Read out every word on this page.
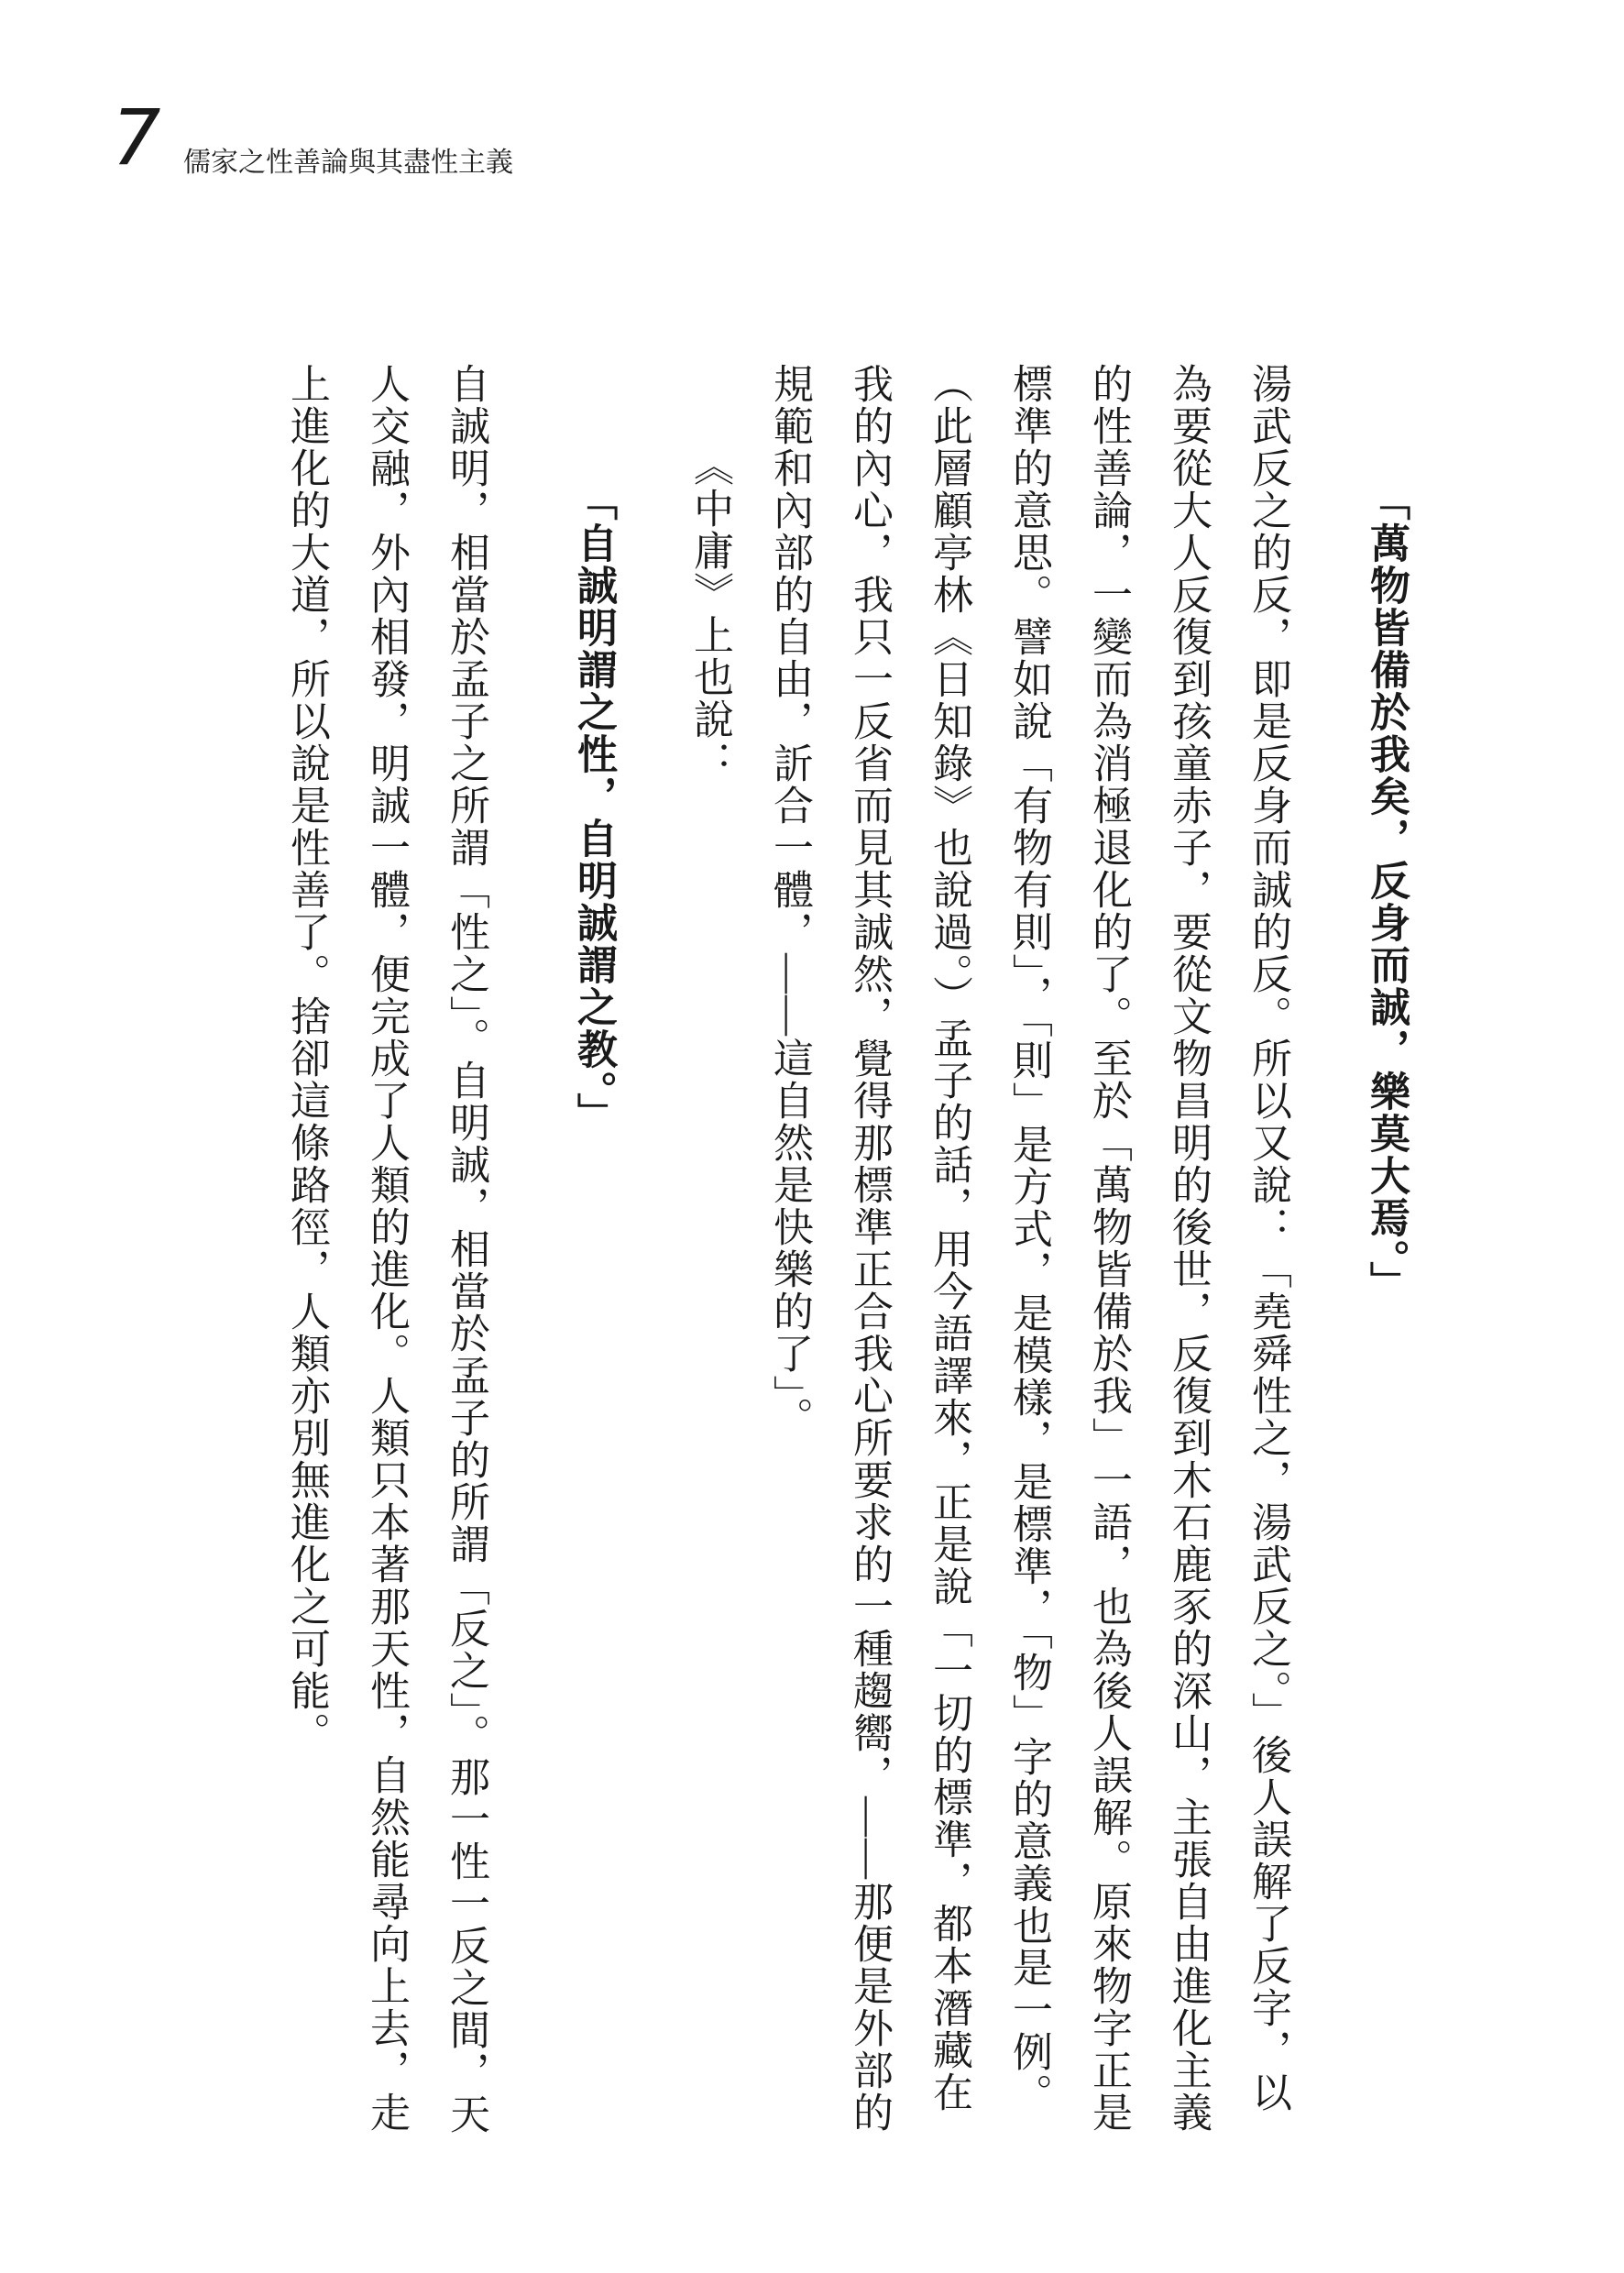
7 儒家之性善論與其盡性主義
「萬物皆備於我矣，反身而誠，樂莫大焉。」
湯武反之的反，即是反身而誠的反。所以又說：「堯舜性之，湯武反之。」後人誤解了反字，以
為要從大人反復到孩童赤子，要從文物昌明的後世，反復到木石鹿豕的深山，主張自由進化主義
的性善論，一變而為消極退化的了。至於「萬物皆備於我」一語，也為後人誤解。原來物字正是
標準的意思。譬如說「有物有則」，「則」是方式，是模樣，是標準，「物」字的意義也是一例。
（此層顧亭林《日知錄》也說過。）孟子的話，用今語譯來，正是說「一切的標準，都本潛藏在
我的內心，我只一反省而見其誠然，覺得那標準正合我心所要求的一種趨嚮，——那便是外部的
規範和內部的自由，訢合一體，——這自然是快樂的了」。
《中庸》上也說：
「自誠明謂之性，自明誠謂之教。」
自誠明，相當於孟子之所謂「性之」。自明誠，相當於孟子的所謂「反之」。那一性一反之間，天
人交融，外內相發，明誠一體，便完成了人類的進化。人類只本著那天性，自然能尋向上去，走
上進化的大道，所以說是性善了。捨卻這條路徑，人類亦別無進化之可能。
